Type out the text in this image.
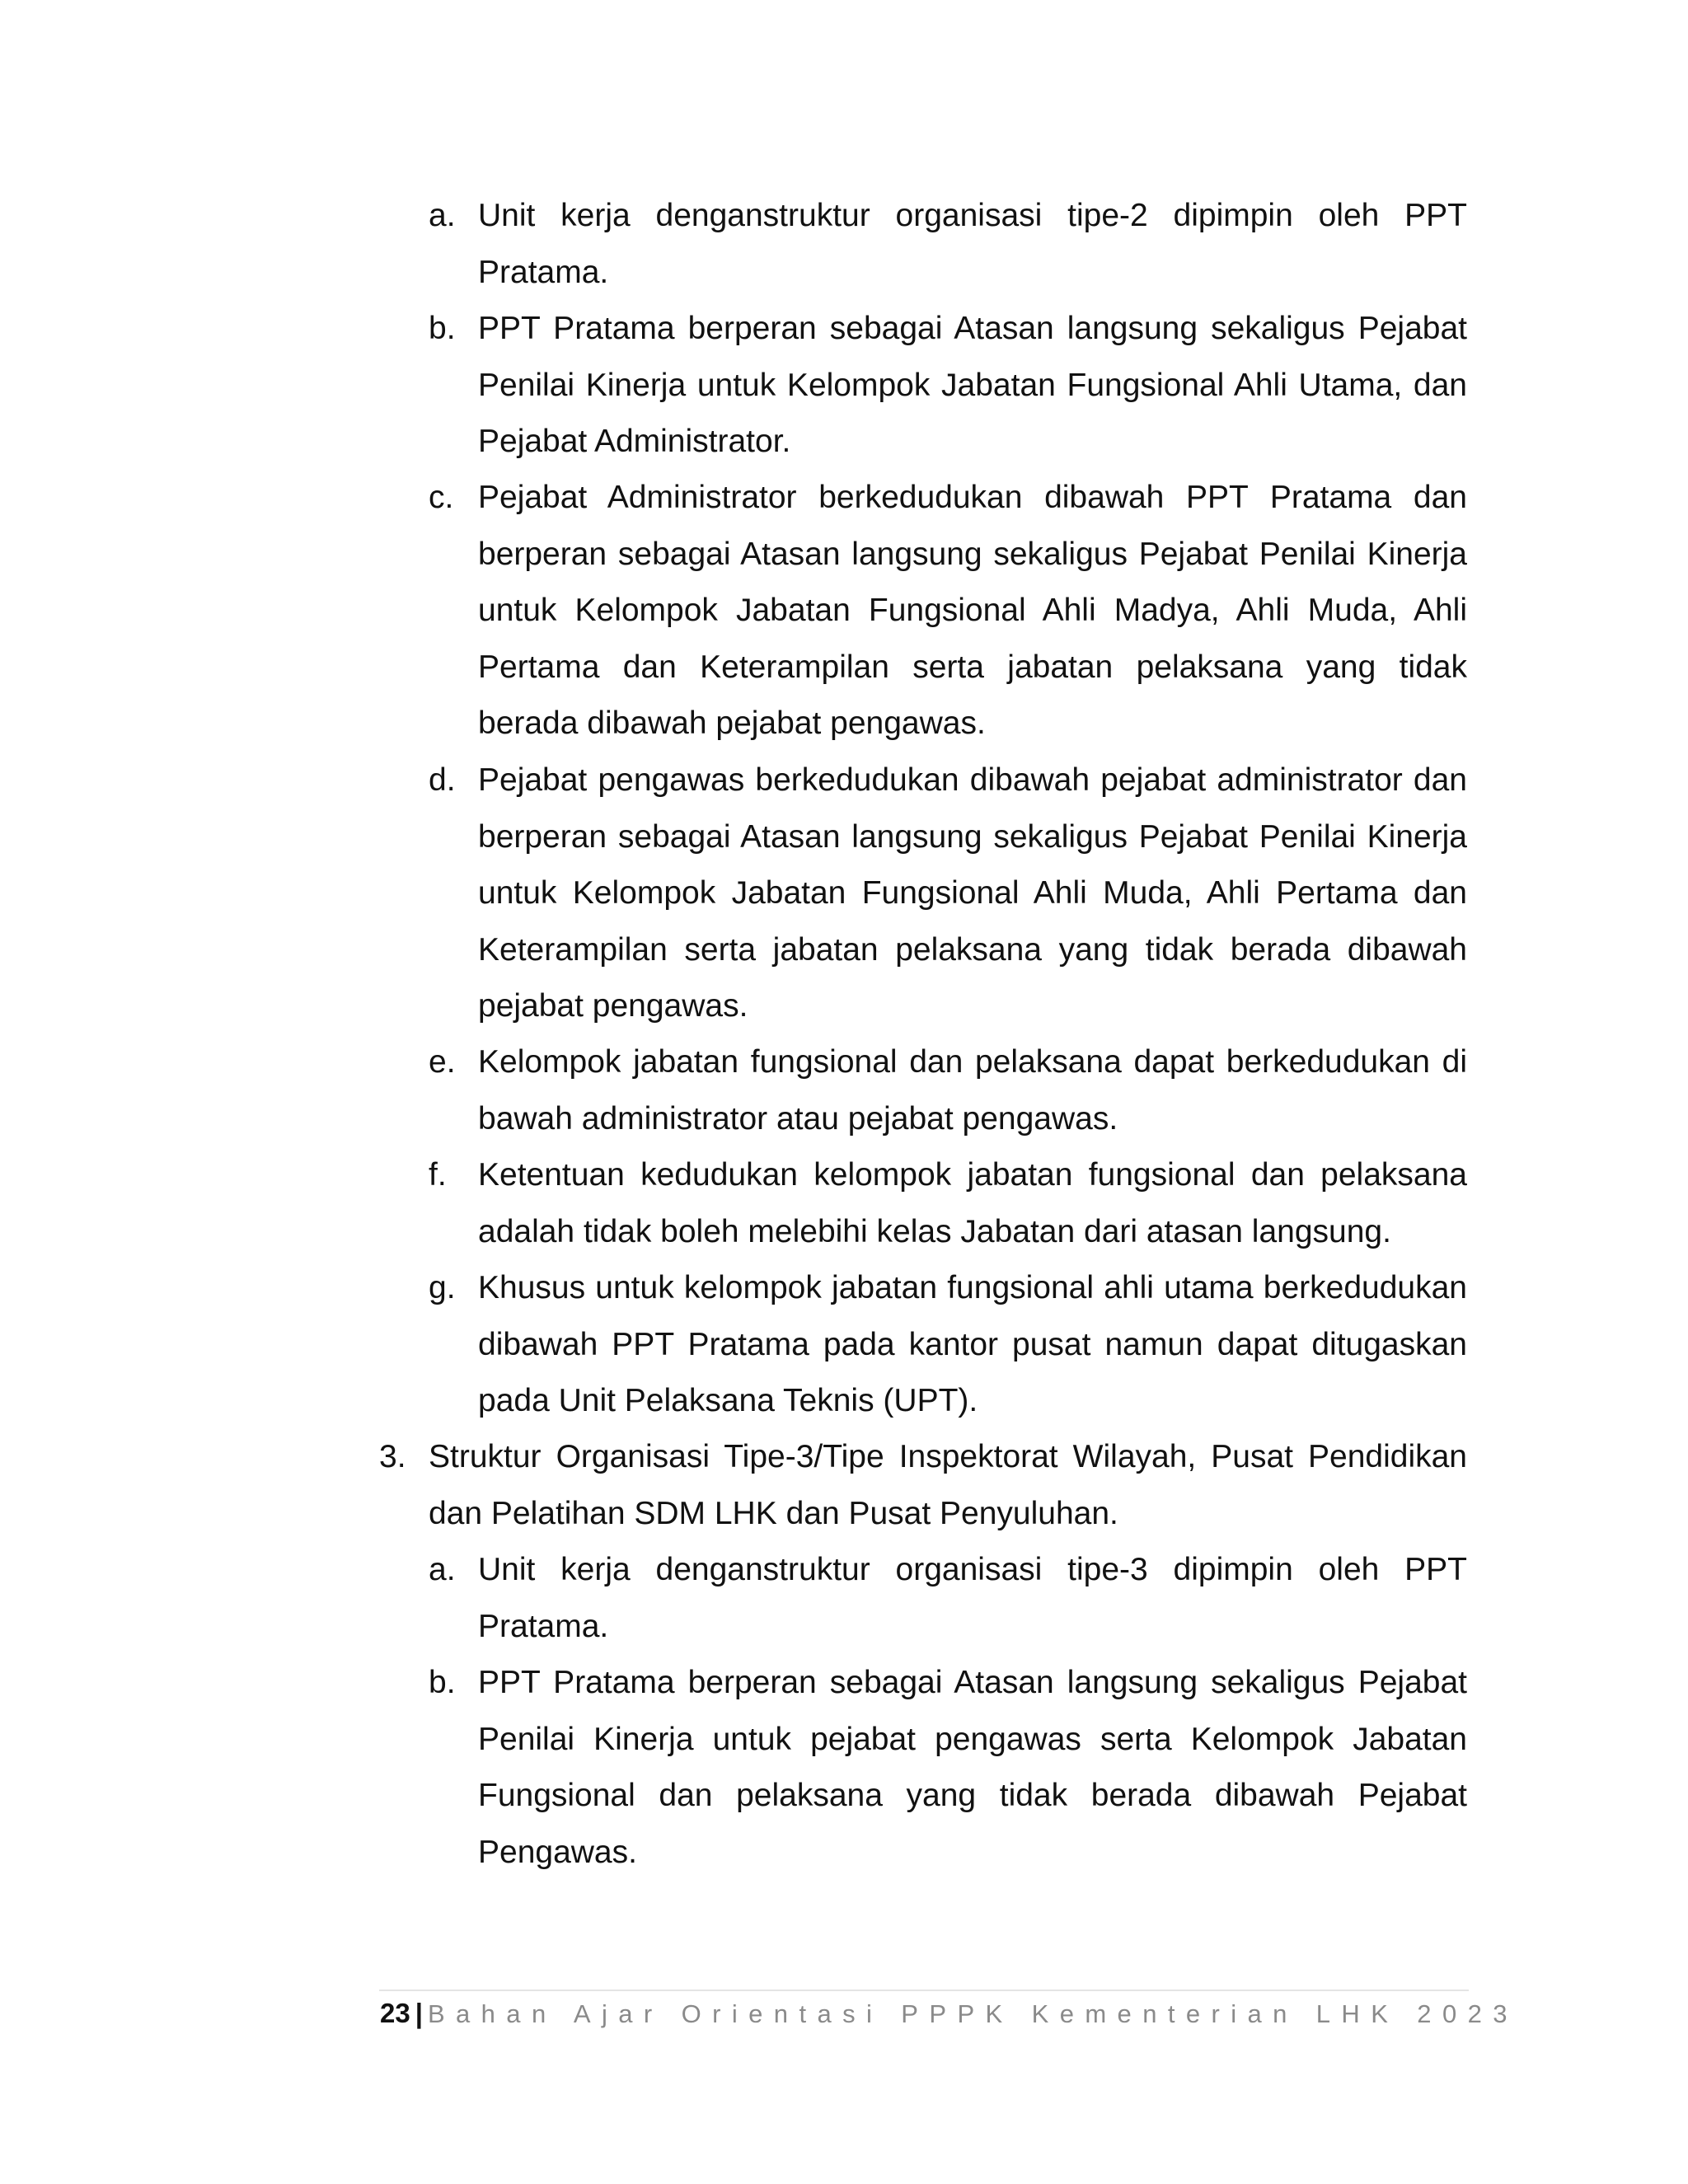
a. Unit kerja denganstruktur organisasi tipe-2 dipimpin oleh PPT Pratama.
b. PPT Pratama berperan sebagai Atasan langsung sekaligus Pejabat Penilai Kinerja untuk Kelompok Jabatan Fungsional Ahli Utama, dan Pejabat Administrator.
c. Pejabat Administrator berkedudukan dibawah PPT Pratama dan berperan sebagai Atasan langsung sekaligus Pejabat Penilai Kinerja untuk Kelompok Jabatan Fungsional Ahli Madya, Ahli Muda, Ahli Pertama dan Keterampilan serta jabatan pelaksana yang tidak berada dibawah pejabat pengawas.
d. Pejabat pengawas berkedudukan dibawah pejabat administrator dan berperan sebagai Atasan langsung sekaligus Pejabat Penilai Kinerja untuk Kelompok Jabatan Fungsional Ahli Muda, Ahli Pertama dan Keterampilan serta jabatan pelaksana yang tidak berada dibawah pejabat pengawas.
e. Kelompok jabatan fungsional dan pelaksana dapat berkedudukan di bawah administrator atau pejabat pengawas.
f. Ketentuan kedudukan kelompok jabatan fungsional dan pelaksana adalah tidak boleh melebihi kelas Jabatan dari atasan langsung.
g. Khusus untuk kelompok jabatan fungsional ahli utama berkedudukan dibawah PPT Pratama pada kantor pusat namun dapat ditugaskan pada Unit Pelaksana Teknis (UPT).
3. Struktur Organisasi Tipe-3/Tipe Inspektorat Wilayah, Pusat Pendidikan dan Pelatihan SDM LHK dan Pusat Penyuluhan.
a. Unit kerja denganstruktur organisasi tipe-3 dipimpin oleh PPT Pratama.
b. PPT Pratama berperan sebagai Atasan langsung sekaligus Pejabat Penilai Kinerja untuk pejabat pengawas serta Kelompok Jabatan Fungsional dan pelaksana yang tidak berada dibawah Pejabat Pengawas.
23 | Bahan Ajar Orientasi PPPK Kementerian LHK 2023
